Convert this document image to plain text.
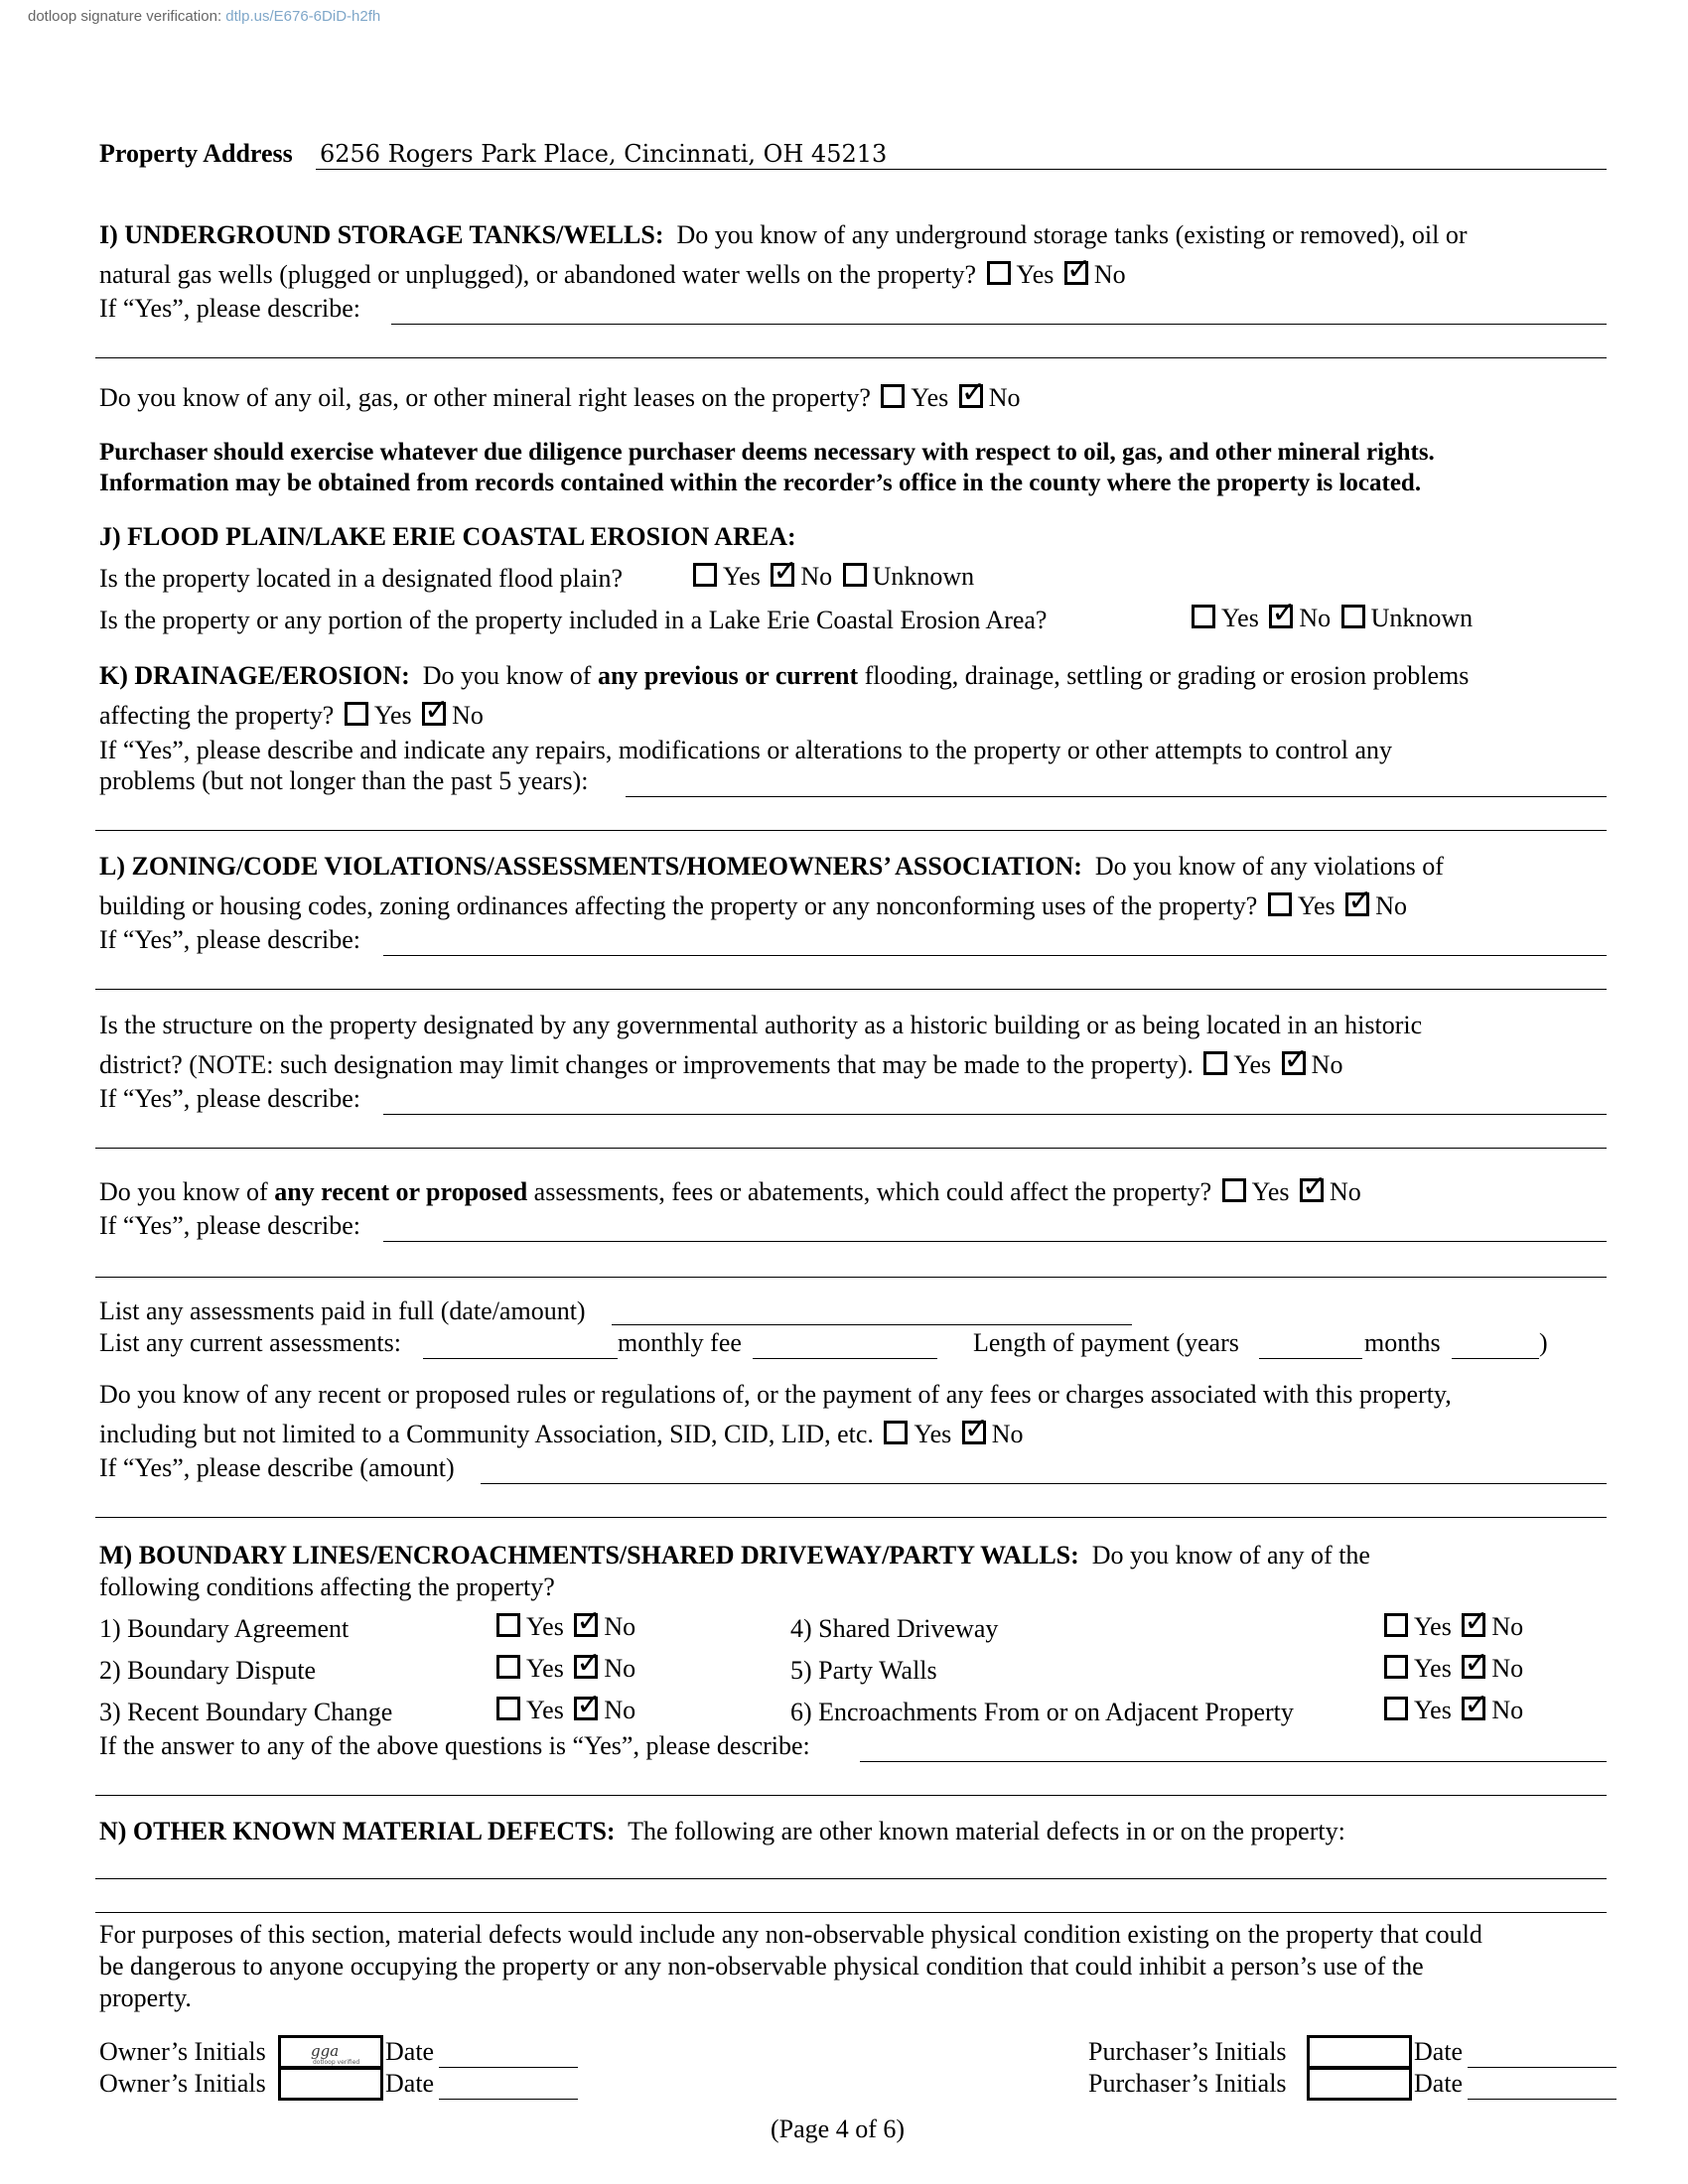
dotloop signature verification: dtlp.us/E676-6DiD-h2fh
Property Address 6256 Rogers Park Place, Cincinnati, OH 45213
I) UNDERGROUND STORAGE TANKS/WELLS: Do you know of any underground storage tanks (existing or removed), oil or
natural gas wells (plugged or unplugged), or abandoned water wells on the property? Yes ✓ No
If “Yes”, please describe:
Do you know of any oil, gas, or other mineral right leases on the property? Yes ✓ No
Purchaser should exercise whatever due diligence purchaser deems necessary with respect to oil, gas, and other mineral rights.
Information may be obtained from records contained within the recorder’s office in the county where the property is located.
J) FLOOD PLAIN/LAKE ERIE COASTAL EROSION AREA:
Is the property located in a designated flood plain?	Yes ✓ No Unknown
Is the property or any portion of the property included in a Lake Erie Coastal Erosion Area?	Yes ✓ No Unknown
K) DRAINAGE/EROSION: Do you know of any previous or current flooding, drainage, settling or grading or erosion problems
affecting the property? Yes ✓ No
If “Yes”, please describe and indicate any repairs, modifications or alterations to the property or other attempts to control any
problems (but not longer than the past 5 years):
L) ZONING/CODE VIOLATIONS/ASSESSMENTS/HOMEOWNERS’ ASSOCIATION: Do you know of any violations of
building or housing codes, zoning ordinances affecting the property or any nonconforming uses of the property? Yes ✓ No
If “Yes”, please describe:
Is the structure on the property designated by any governmental authority as a historic building or as being located in an historic
district? (NOTE: such designation may limit changes or improvements that may be made to the property). Yes ✓ No
If “Yes”, please describe:
Do you know of any recent or proposed assessments, fees or abatements, which could affect the property? Yes ✓ No
If “Yes”, please describe:
List any assessments paid in full (date/amount)
List any current assessments:	monthly fee	Length of payment (years	months	)
Do you know of any recent or proposed rules or regulations of, or the payment of any fees or charges associated with this property,
including but not limited to a Community Association, SID, CID, LID, etc. Yes ✓ No
If “Yes”, please describe (amount)
M) BOUNDARY LINES/ENCROACHMENTS/SHARED DRIVEWAY/PARTY WALLS: Do you know of any of the
following conditions affecting the property?
1) Boundary Agreement	Yes ✓ No	4) Shared Driveway	Yes ✓ No
2) Boundary Dispute	Yes ✓ No	5) Party Walls	Yes ✓ No
3) Recent Boundary Change	Yes ✓ No	6) Encroachments From or on Adjacent Property	Yes ✓ No
If the answer to any of the above questions is “Yes”, please describe:
N) OTHER KNOWN MATERIAL DEFECTS: The following are other known material defects in or on the property:
For purposes of this section, material defects would include any non-observable physical condition existing on the property that could
be dangerous to anyone occupying the property or any non-observable physical condition that could inhibit a person’s use of the
property.
Owner’s Initials	gga
dotloop verified Date
Owner’s Initials	Date
Purchaser’s Initials	Date
Purchaser’s Initials	Date
(Page 4 of 6)
